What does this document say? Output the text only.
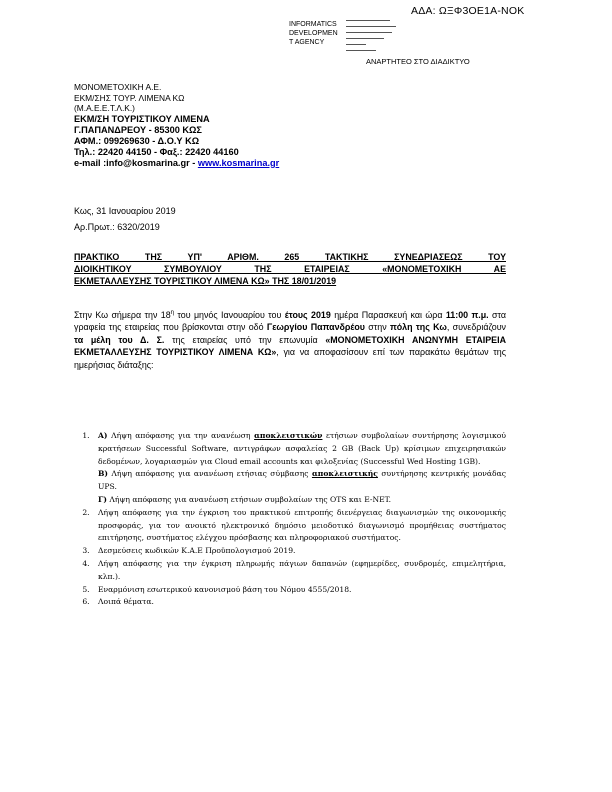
ΑΔΑ: ΩΞΦ3ΟΕ1Α-ΝΟΚ
INFORMATICS
DEVELOPMEN
T AGENCY
ΑΝΑΡΤΗΤΕΟ ΣΤΟ ΔΙΑΔΙΚΤΥΟ
ΜΟΝΟΜΕΤΟΧΙΚΗ Α.Ε.
ΕΚΜ/ΣΗΣ ΤΟΥΡ. ΛΙΜΕΝΑ ΚΩ
(Μ.Α.Ε.Ε.Τ.Λ.Κ.)
ΕΚΜ/ΣΗ ΤΟΥΡΙΣΤΙΚΟΥ ΛΙΜΕΝΑ
Γ.ΠΑΠΑΝΔΡΕΟΥ - 85300 ΚΩΣ
ΑΦΜ.: 099269630 - Δ.Ο.Υ ΚΩ
Τηλ.: 22420 44150 - Φαξ.: 22420 44160
e-mail :info@kosmarina.gr - www.kosmarina.gr
Κως, 31 Ιανουαρίου 2019
Αρ.Πρωτ.: 6320/2019
ΠΡΑΚΤΙΚΟ ΤΗΣ ΥΠ' ΑΡΙΘΜ. 265 ΤΑΚΤΙΚΗΣ ΣΥΝΕΔΡΙΑΣΕΩΣ ΤΟΥ
ΔΙΟΙΚΗΤΙΚΟΥ ΣΥΜΒΟΥΛΙΟΥ ΤΗΣ ΕΤΑΙΡΕΙΑΣ «ΜΟΝΟΜΕΤΟΧΙΚΗ ΑΕ
ΕΚΜΕΤΑΛΛΕΥΣΗΣ ΤΟΥΡΙΣΤΙΚΟΥ ΛΙΜΕΝΑ ΚΩ» ΤΗΣ 18/01/2019
Στην Κω σήμερα την $18^\eta$ του μηνός Ιανουαρίου του έτους 2019 ημέρα Παρασκευή και ώρα 11:00 π.μ. στα γραφεία της εταιρείας που βρίσκονται στην οδό Γεωργίου Παπανδρέου στην πόλη της Κω, συνεδριάζουν τα μέλη του Δ. Σ. της εταιρείας υπό την επωνυμία «ΜΟΝΟΜΕΤΟΧΙΚΗ ΑΝΩΝΥΜΗ ΕΤΑΙΡΕΙΑ ΕΚΜΕΤΑΛΛΕΥΣΗΣ ΤΟΥΡΙΣΤΙΚΟΥ ΛΙΜΕΝΑ ΚΩ», για να αποφασίσουν επί των παρακάτω θεμάτων της ημερήσιας διάταξης:
1. Α) Λήψη απόφασης για την ανανέωση αποκλειστικών ετήσιων συμβολαίων συντήρησης λογισμικού κρατήσεων Successful Software, αντιγράφων ασφαλείας 2 GB (Back Up) κρίσιμων επιχειρησιακών δεδομένων, λογαριασμών για Cloud email accounts και φιλοξενίας (Successful Wed Hosting 1GB).
Β) Λήψη απόφασης για ανανέωση ετήσιας σύμβασης αποκλειστικής συντήρησης κεντρικής μονάδας UPS.
Γ) Λήψη απόφασης για ανανέωση ετήσιων συμβολαίων της OTS και E-NET.
2. Λήψη απόφασης για την έγκριση του πρακτικού επιτροπής διενέργειας διαγωνισμών της οικονομικής προσφοράς, για τον ανοικτό ηλεκτρονικό δημόσιο μειοδοτικό διαγωνισμό προμήθειας συστήματος επιτήρησης, συστήματος ελέγχου πρόσβασης και πληροφοριακού συστήματος.
3. Δεσμεύσεις κωδικών Κ.Α.Ε Προϋπολογισμού 2019.
4. Λήψη απόφασης για την έγκριση πληρωμής πάγιων δαπανών (εφημερίδες, συνδρομές, επιμελητήρια, κλπ.).
5. Εναρμόνιση εσωτερικού κανονισμού βάση του Νόμου 4555/2018.
6. Λοιπά θέματα.
